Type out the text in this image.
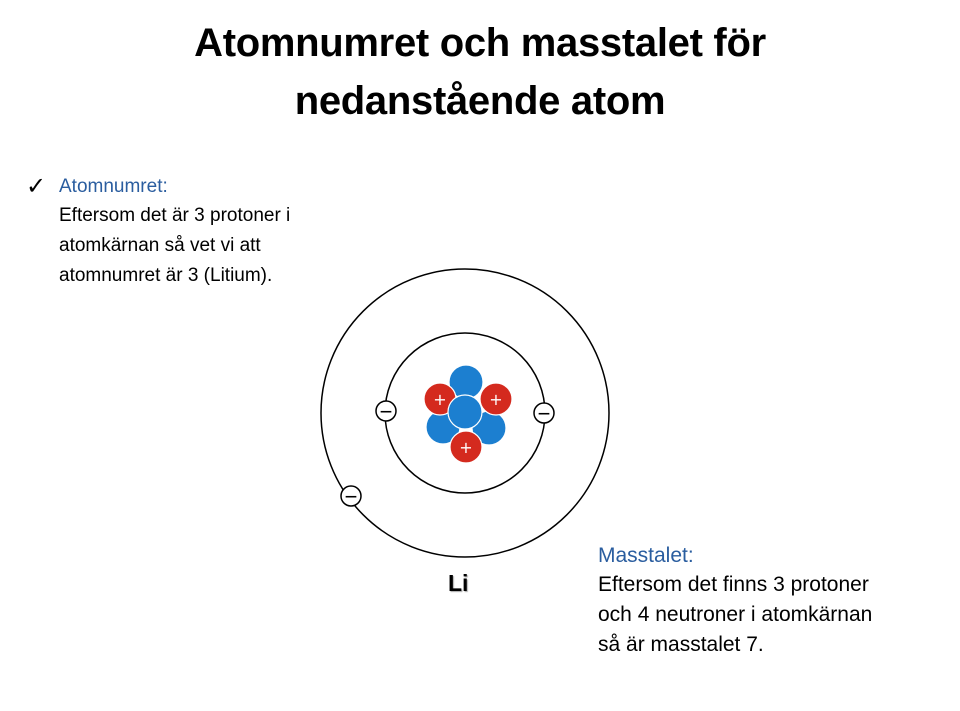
Atomnumret och masstalet för
nedanstående atom
✓ Atomnumret:
Eftersom det är 3 protoner i
atomkärnan så vet vi att
atomnumret är 3 (Litium).
+	+
+
—	—
—
Li
Masstalet:
Eftersom det finns 3 protoner
och 4 neutroner i atomkärnan
så är masstalet 7.
